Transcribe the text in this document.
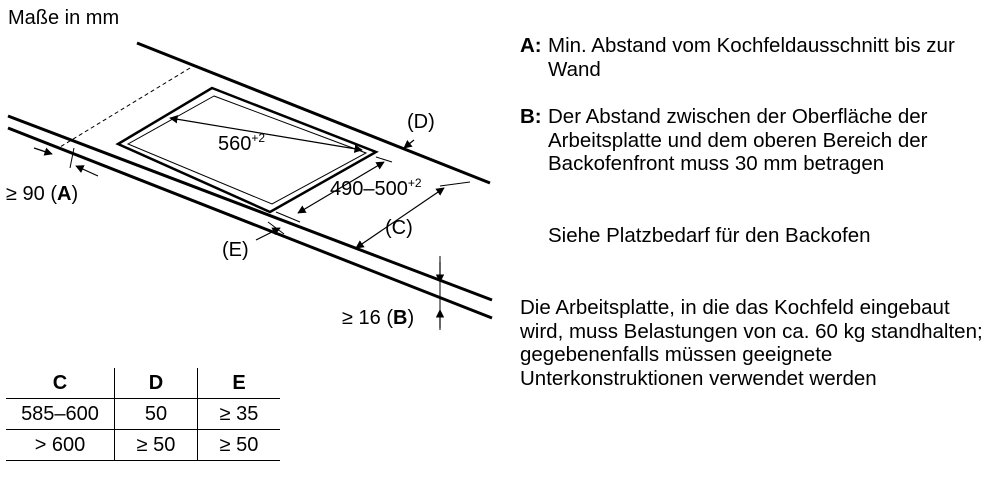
Maße in mm
$560^{+2}$
$490-500^{+2}$
(D)
(C)
(E)
≥ 90 (A)
≥ 16 (B)
A: Min. Abstand vom Kochfeldausschnitt bis zur Wand
B: Der Abstand zwischen der Oberfläche der Arbeitsplatte und dem oberen Bereich der Backofenfront muss 30 mm betragen
Siehe Platzbedarf für den Backofen
Die Arbeitsplatte, in die das Kochfeld eingebaut wird, muss Belastungen von ca. 60 kg standhalten; gegebenenfalls müssen geeignete Unterkonstruktionen verwendet werden
C	D	E
585–600	50	≥ 35
> 600	≥ 50	≥ 50
